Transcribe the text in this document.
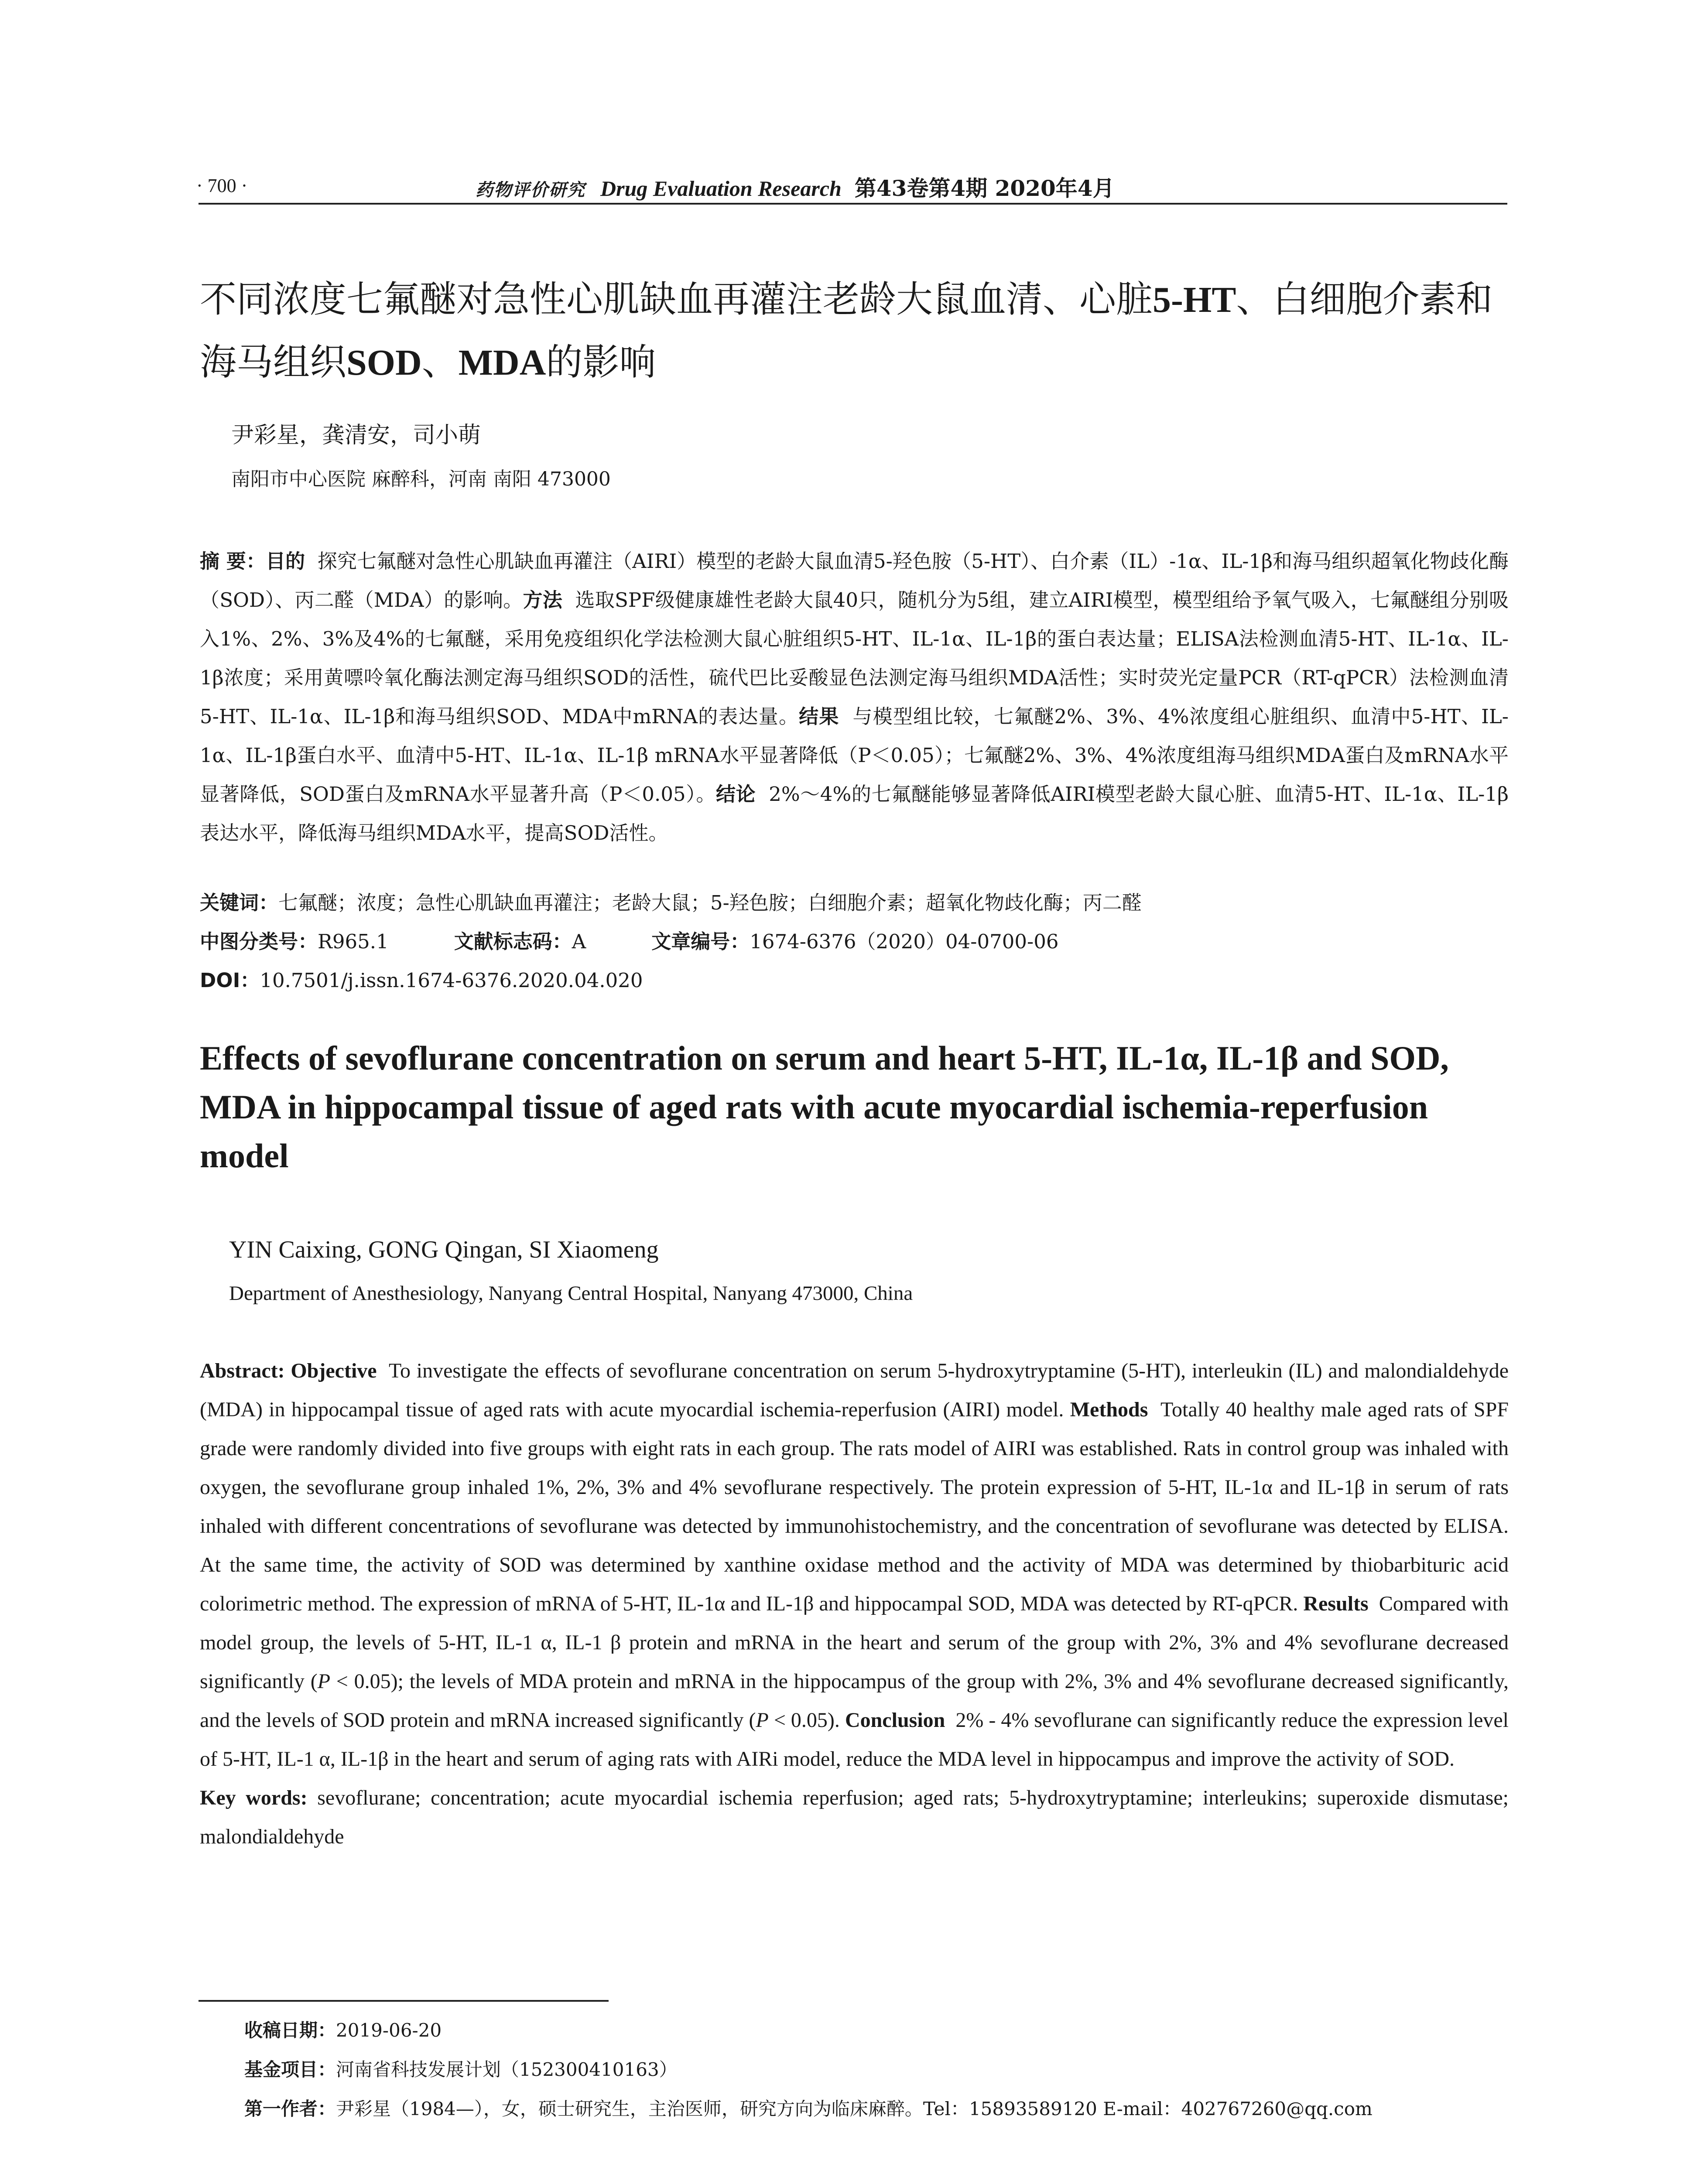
· 700 ·	药物评价研究 Drug Evaluation Research 第43卷第4期 2020年4月
不同浓度七氟醚对急性心肌缺血再灌注老龄大鼠血清、心脏5-HT、白细胞介素和海马组织SOD、MDA的影响
尹彩星，龚清安，司小萌
南阳市中心医院 麻醉科，河南 南阳 473000
摘 要：目的 探究七氟醚对急性心肌缺血再灌注（AIRI）模型的老龄大鼠血清5-羟色胺（5-HT）、白介素（IL）-1α、IL-1β和海马组织超氧化物歧化酶（SOD）、丙二醛（MDA）的影响。方法 选取SPF级健康雄性老龄大鼠40只，随机分为5组，建立AIRI模型，模型组给予氧气吸入，七氟醚组分别吸入1%、2%、3%及4%的七氟醚，采用免疫组织化学法检测大鼠心脏组织5-HT、IL-1α、IL-1β的蛋白表达量；ELISA法检测血清5-HT、IL-1α、IL-1β浓度；采用黄嘌呤氧化酶法测定海马组织SOD的活性，硫代巴比妥酸显色法测定海马组织MDA活性；实时荧光定量PCR（RT-qPCR）法检测血清5-HT、IL-1α、IL-1β和海马组织SOD、MDA中mRNA的表达量。结果 与模型组比较，七氟醚2%、3%、4%浓度组心脏组织、血清中5-HT、IL-1α、IL-1β蛋白水平、血清中5-HT、IL-1α、IL-1β mRNA水平显著降低（P＜0.05）；七氟醚2%、3%、4%浓度组海马组织MDA蛋白及mRNA水平显著降低，SOD蛋白及mRNA水平显著升高（P＜0.05）。结论 2%～4%的七氟醚能够显著降低AIRI模型老龄大鼠心脏、血清5-HT、IL-1α、IL-1β表达水平，降低海马组织MDA水平，提高SOD活性。
关键词：七氟醚；浓度；急性心肌缺血再灌注；老龄大鼠；5-羟色胺；白细胞介素；超氧化物歧化酶；丙二醛
中图分类号：R965.1	文献标志码：A	文章编号：1674-6376（2020）04-0700-06
DOI：10.7501/j.issn.1674-6376.2020.04.020
Effects of sevoflurane concentration on serum and heart 5-HT, IL-1α, IL-1β and SOD, MDA in hippocampal tissue of aged rats with acute myocardial ischemia-reperfusion model
YIN Caixing, GONG Qingan, SI Xiaomeng
Department of Anesthesiology, Nanyang Central Hospital, Nanyang 473000, China
Abstract: Objective To investigate the effects of sevoflurane concentration on serum 5-hydroxytryptamine (5-HT), interleukin (IL) and malondialdehyde (MDA) in hippocampal tissue of aged rats with acute myocardial ischemia-reperfusion (AIRI) model. Methods Totally 40 healthy male aged rats of SPF grade were randomly divided into five groups with eight rats in each group. The rats model of AIRI was established. Rats in control group was inhaled with oxygen, the sevoflurane group inhaled 1%, 2%, 3% and 4% sevoflurane respectively. The protein expression of 5-HT, IL-1α and IL-1β in serum of rats inhaled with different concentrations of sevoflurane was detected by immunohistochemistry, and the concentration of sevoflurane was detected by ELISA. At the same time, the activity of SOD was determined by xanthine oxidase method and the activity of MDA was determined by thiobarbituric acid colorimetric method. The expression of mRNA of 5-HT, IL-1α and IL-1β and hippocampal SOD, MDA was detected by RT-qPCR. Results Compared with model group, the levels of 5-HT, IL-1 α, IL-1 β protein and mRNA in the heart and serum of the group with 2%, 3% and 4% sevoflurane decreased significantly (P < 0.05); the levels of MDA protein and mRNA in the hippocampus of the group with 2%, 3% and 4% sevoflurane decreased significantly, and the levels of SOD protein and mRNA increased significantly (P < 0.05). Conclusion 2% - 4% sevoflurane can significantly reduce the expression level of 5-HT, IL-1 α, IL-1β in the heart and serum of aging rats with AIRi model, reduce the MDA level in hippocampus and improve the activity of SOD.
Key words: sevoflurane; concentration; acute myocardial ischemia reperfusion; aged rats; 5-hydroxytryptamine; interleukins; superoxide dismutase; malondialdehyde
收稿日期：2019-06-20
基金项目：河南省科技发展计划（152300410163）
第一作者：尹彩星（1984—），女，硕士研究生，主治医师，研究方向为临床麻醉。Tel：15893589120 E-mail：402767260@qq.com
